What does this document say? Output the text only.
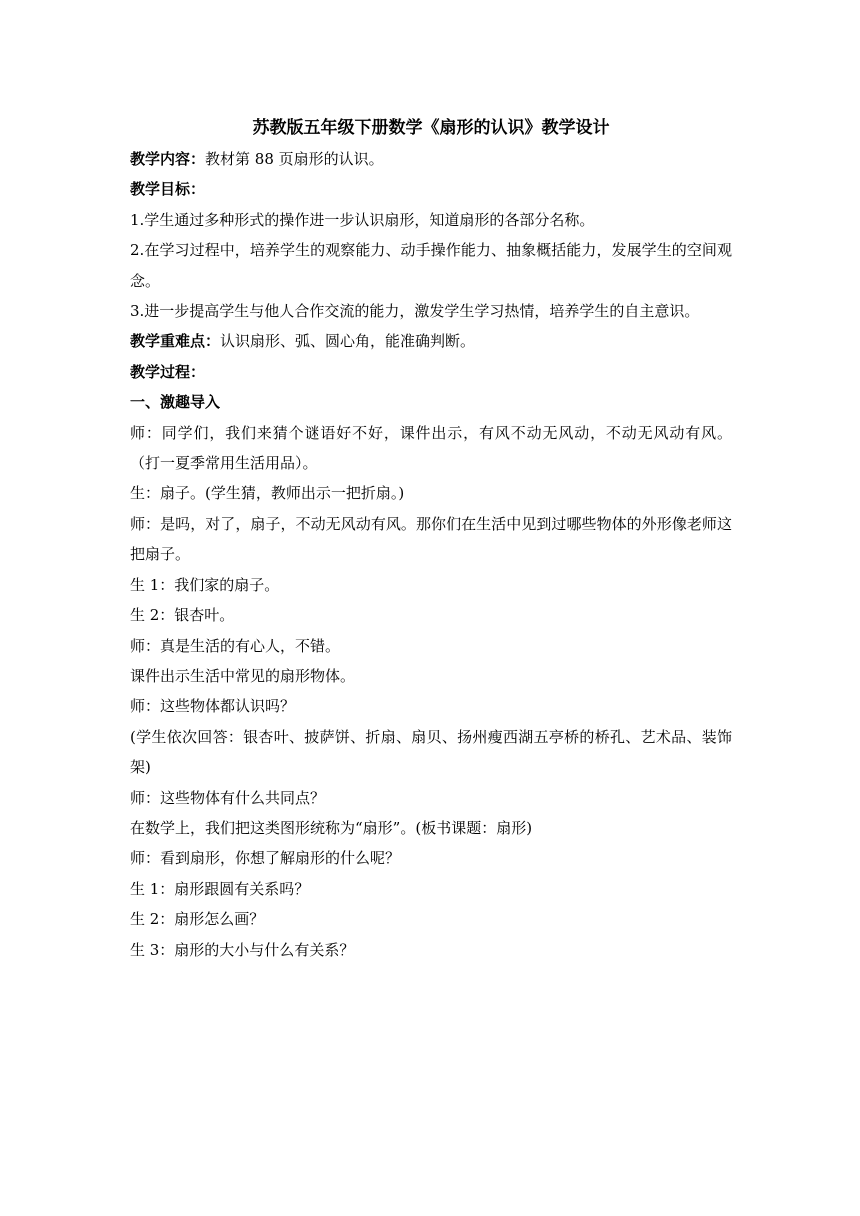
苏教版五年级下册数学《扇形的认识》教学设计

教学内容：教材第 88 页扇形的认识。

教学目标：

1.学生通过多种形式的操作进一步认识扇形，知道扇形的各部分名称。

2.在学习过程中，培养学生的观察能力、动手操作能力、抽象概括能力，发展学生的空间观念。

3.进一步提高学生与他人合作交流的能力，激发学生学习热情，培养学生的自主意识。

教学重难点：认识扇形、弧、圆心角，能准确判断。

教学过程：

一、激趣导入

师：同学们，我们来猜个谜语好不好，课件出示，有风不动无风动，不动无风动有风。 （打一夏季常用生活用品）。

生：扇子。(学生猜，教师出示一把折扇。)

师：是吗，对了，扇子，不动无风动有风。那你们在生活中见到过哪些物体的外形像老师这把扇子。

生 1：我们家的扇子。

生 2：银杏叶。

师：真是生活的有心人，不错。

课件出示生活中常见的扇形物体。

师：这些物体都认识吗？

(学生依次回答：银杏叶、披萨饼、折扇、扇贝、扬州瘦西湖五亭桥的桥孔、艺术品、装饰架)

师：这些物体有什么共同点？

在数学上，我们把这类图形统称为“扇形”。(板书课题：扇形)

师：看到扇形，你想了解扇形的什么呢？

生 1：扇形跟圆有关系吗？

生 2：扇形怎么画？

生 3：扇形的大小与什么有关系？
